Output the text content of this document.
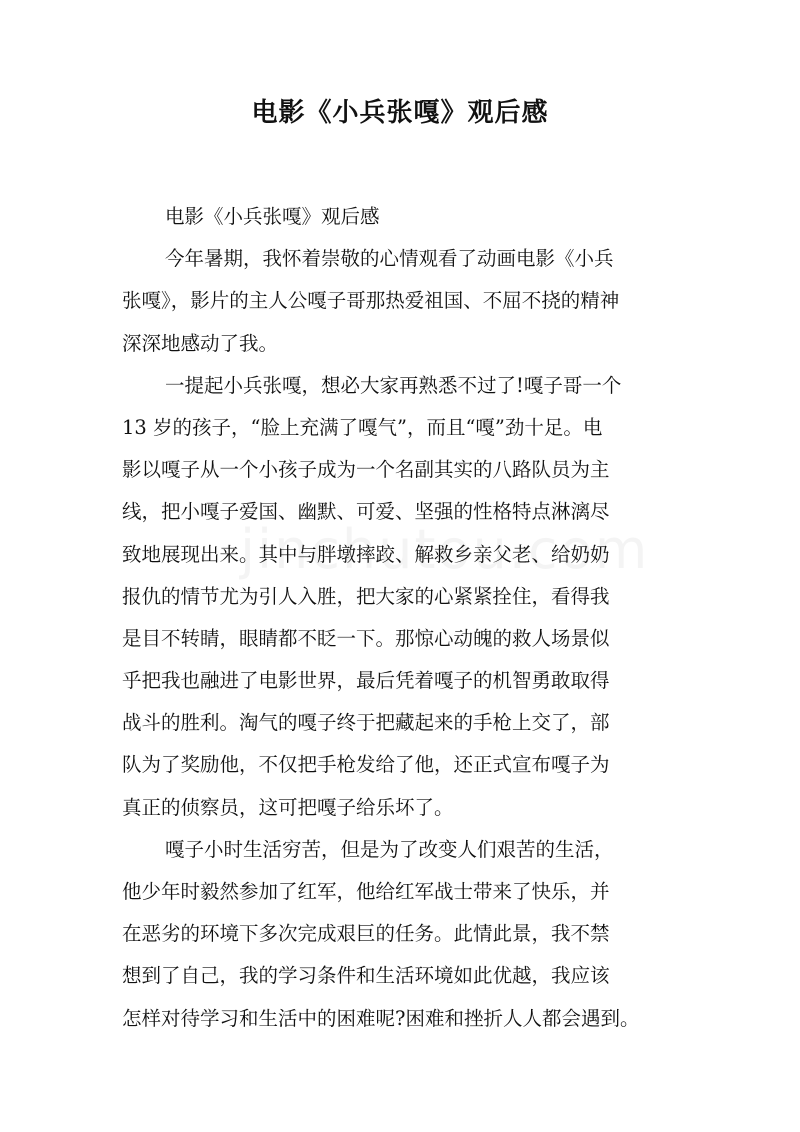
电影《小兵张嘎》观后感
电影《小兵张嘎》观后感
今年暑期，我怀着崇敬的心情观看了动画电影《小兵
张嘎》，影片的主人公嘎子哥那热爱祖国、不屈不挠的精神
深深地感动了我。
一提起小兵张嘎，想必大家再熟悉不过了!嘎子哥一个
13 岁的孩子，“脸上充满了嘎气”，而且“嘎”劲十足。电
影以嘎子从一个小孩子成为一个名副其实的八路队员为主
线，把小嘎子爱国、幽默、可爱、坚强的性格特点淋漓尽
致地展现出来。其中与胖墩摔跤、解救乡亲父老、给奶奶
报仇的情节尤为引人入胜，把大家的心紧紧拴住，看得我
是目不转睛，眼睛都不眨一下。那惊心动魄的救人场景似
乎把我也融进了电影世界，最后凭着嘎子的机智勇敢取得
战斗的胜利。淘气的嘎子终于把藏起来的手枪上交了，部
队为了奖励他，不仅把手枪发给了他，还正式宣布嘎子为
真正的侦察员，这可把嘎子给乐坏了。
嘎子小时生活穷苦，但是为了改变人们艰苦的生活，
他少年时毅然参加了红军，他给红军战士带来了快乐，并
在恶劣的环境下多次完成艰巨的任务。此情此景，我不禁
想到了自己，我的学习条件和生活环境如此优越，我应该
怎样对待学习和生活中的困难呢?困难和挫折人人都会遇到。
